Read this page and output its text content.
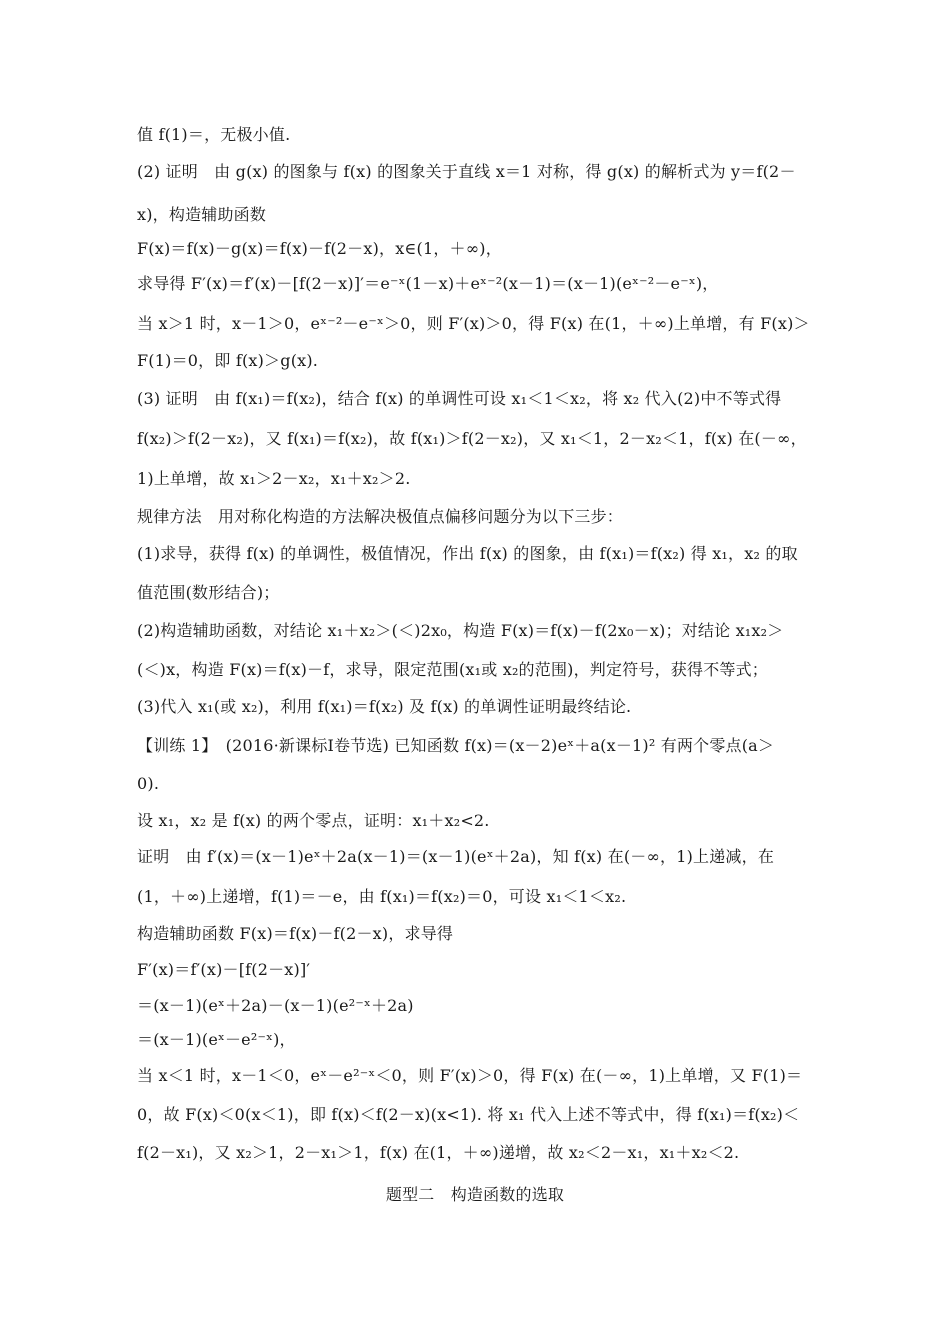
值 f(1)＝，无极小值.
(2) 证明　由 g(x) 的图象与 f(x) 的图象关于直线 x＝1 对称，得 g(x) 的解析式为 y＝f(2－
x)，构造辅助函数
F(x)＝f(x)－g(x)＝f(x)－f(2－x)，x∈(1，＋∞)，
求导得 F′(x)＝f′(x)－[f(2－x)]′＝e⁻ˣ(1－x)＋eˣ⁻²(x－1)＝(x－1)(eˣ⁻²－e⁻ˣ)，
当 x＞1 时，x－1＞0，eˣ⁻²－e⁻ˣ＞0，则 F′(x)＞0，得 F(x) 在(1，＋∞)上单增，有 F(x)＞
F(1)＝0，即 f(x)＞g(x).
(3) 证明　由 f(x₁)＝f(x₂)，结合 f(x) 的单调性可设 x₁＜1＜x₂，将 x₂ 代入(2)中不等式得
f(x₂)＞f(2－x₂)，又 f(x₁)＝f(x₂)，故 f(x₁)＞f(2－x₂)，又 x₁＜1，2－x₂＜1，f(x) 在(－∞，
1)上单增，故 x₁＞2－x₂，x₁＋x₂＞2.
规律方法　用对称化构造的方法解决极值点偏移问题分为以下三步：
(1)求导，获得 f(x) 的单调性，极值情况，作出 f(x) 的图象，由 f(x₁)＝f(x₂) 得 x₁，x₂ 的取
值范围(数形结合)；
(2)构造辅助函数，对结论 x₁＋x₂＞(＜)2x₀，构造 F(x)＝f(x)－f(2x₀－x)；对结论 x₁x₂＞
(＜)x，构造 F(x)＝f(x)－f，求导，限定范围(x₁或 x₂的范围)，判定符号，获得不等式；
(3)代入 x₁(或 x₂)，利用 f(x₁)＝f(x₂) 及 f(x) 的单调性证明最终结论.
【训练 1】　(2016·新课标Ⅰ卷节选) 已知函数 f(x)＝(x－2)eˣ＋a(x－1)² 有两个零点(a＞
0).
设 x₁，x₂ 是 f(x) 的两个零点，证明：x₁＋x₂<2.
证明　由 f′(x)＝(x－1)eˣ＋2a(x－1)＝(x－1)(eˣ＋2a)，知 f(x) 在(－∞，1)上递减，在
(1，＋∞)上递增，f(1)＝－e，由 f(x₁)＝f(x₂)＝0，可设 x₁＜1＜x₂.
构造辅助函数 F(x)＝f(x)－f(2－x)，求导得
F′(x)＝f′(x)－[f(2－x)]′
＝(x－1)(eˣ＋2a)－(x－1)(e²⁻ˣ＋2a)
＝(x－1)(eˣ－e²⁻ˣ)，
当 x＜1 时，x－1＜0，eˣ－e²⁻ˣ＜0，则 F′(x)＞0，得 F(x) 在(－∞，1)上单增，又 F(1)＝
0，故 F(x)＜0(x＜1)，即 f(x)＜f(2－x)(x<1). 将 x₁ 代入上述不等式中，得 f(x₁)＝f(x₂)＜
f(2－x₁)，又 x₂＞1，2－x₁＞1，f(x) 在(1，＋∞)递增，故 x₂＜2－x₁，x₁＋x₂＜2.
题型二　构造函数的选取
